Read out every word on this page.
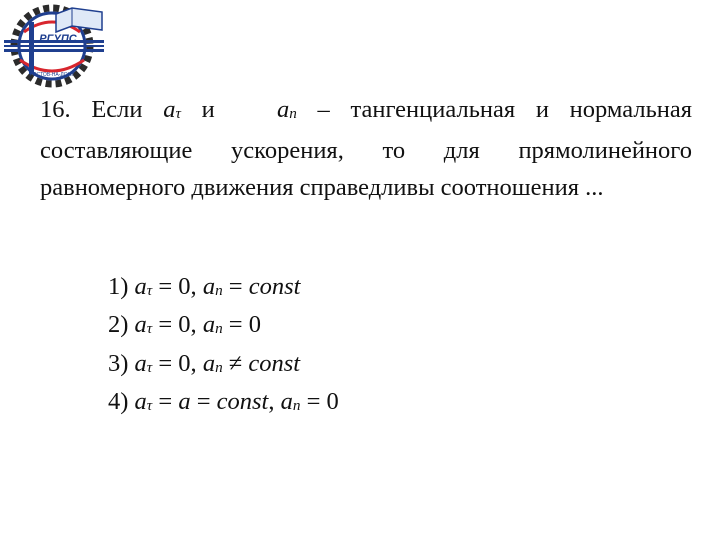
РГУПС
РОСТОВ-НА-ДОНУ
16. Если aτ и	an – тангенциальная и нормальная
составляющие ускорения, то для прямолинейного
равномерного движения справедливы соотношения ...
1) aτ = 0, an = const
2) aτ = 0, an = 0
3) aτ = 0, an ≠ const
4) aτ = a = const, an = 0
